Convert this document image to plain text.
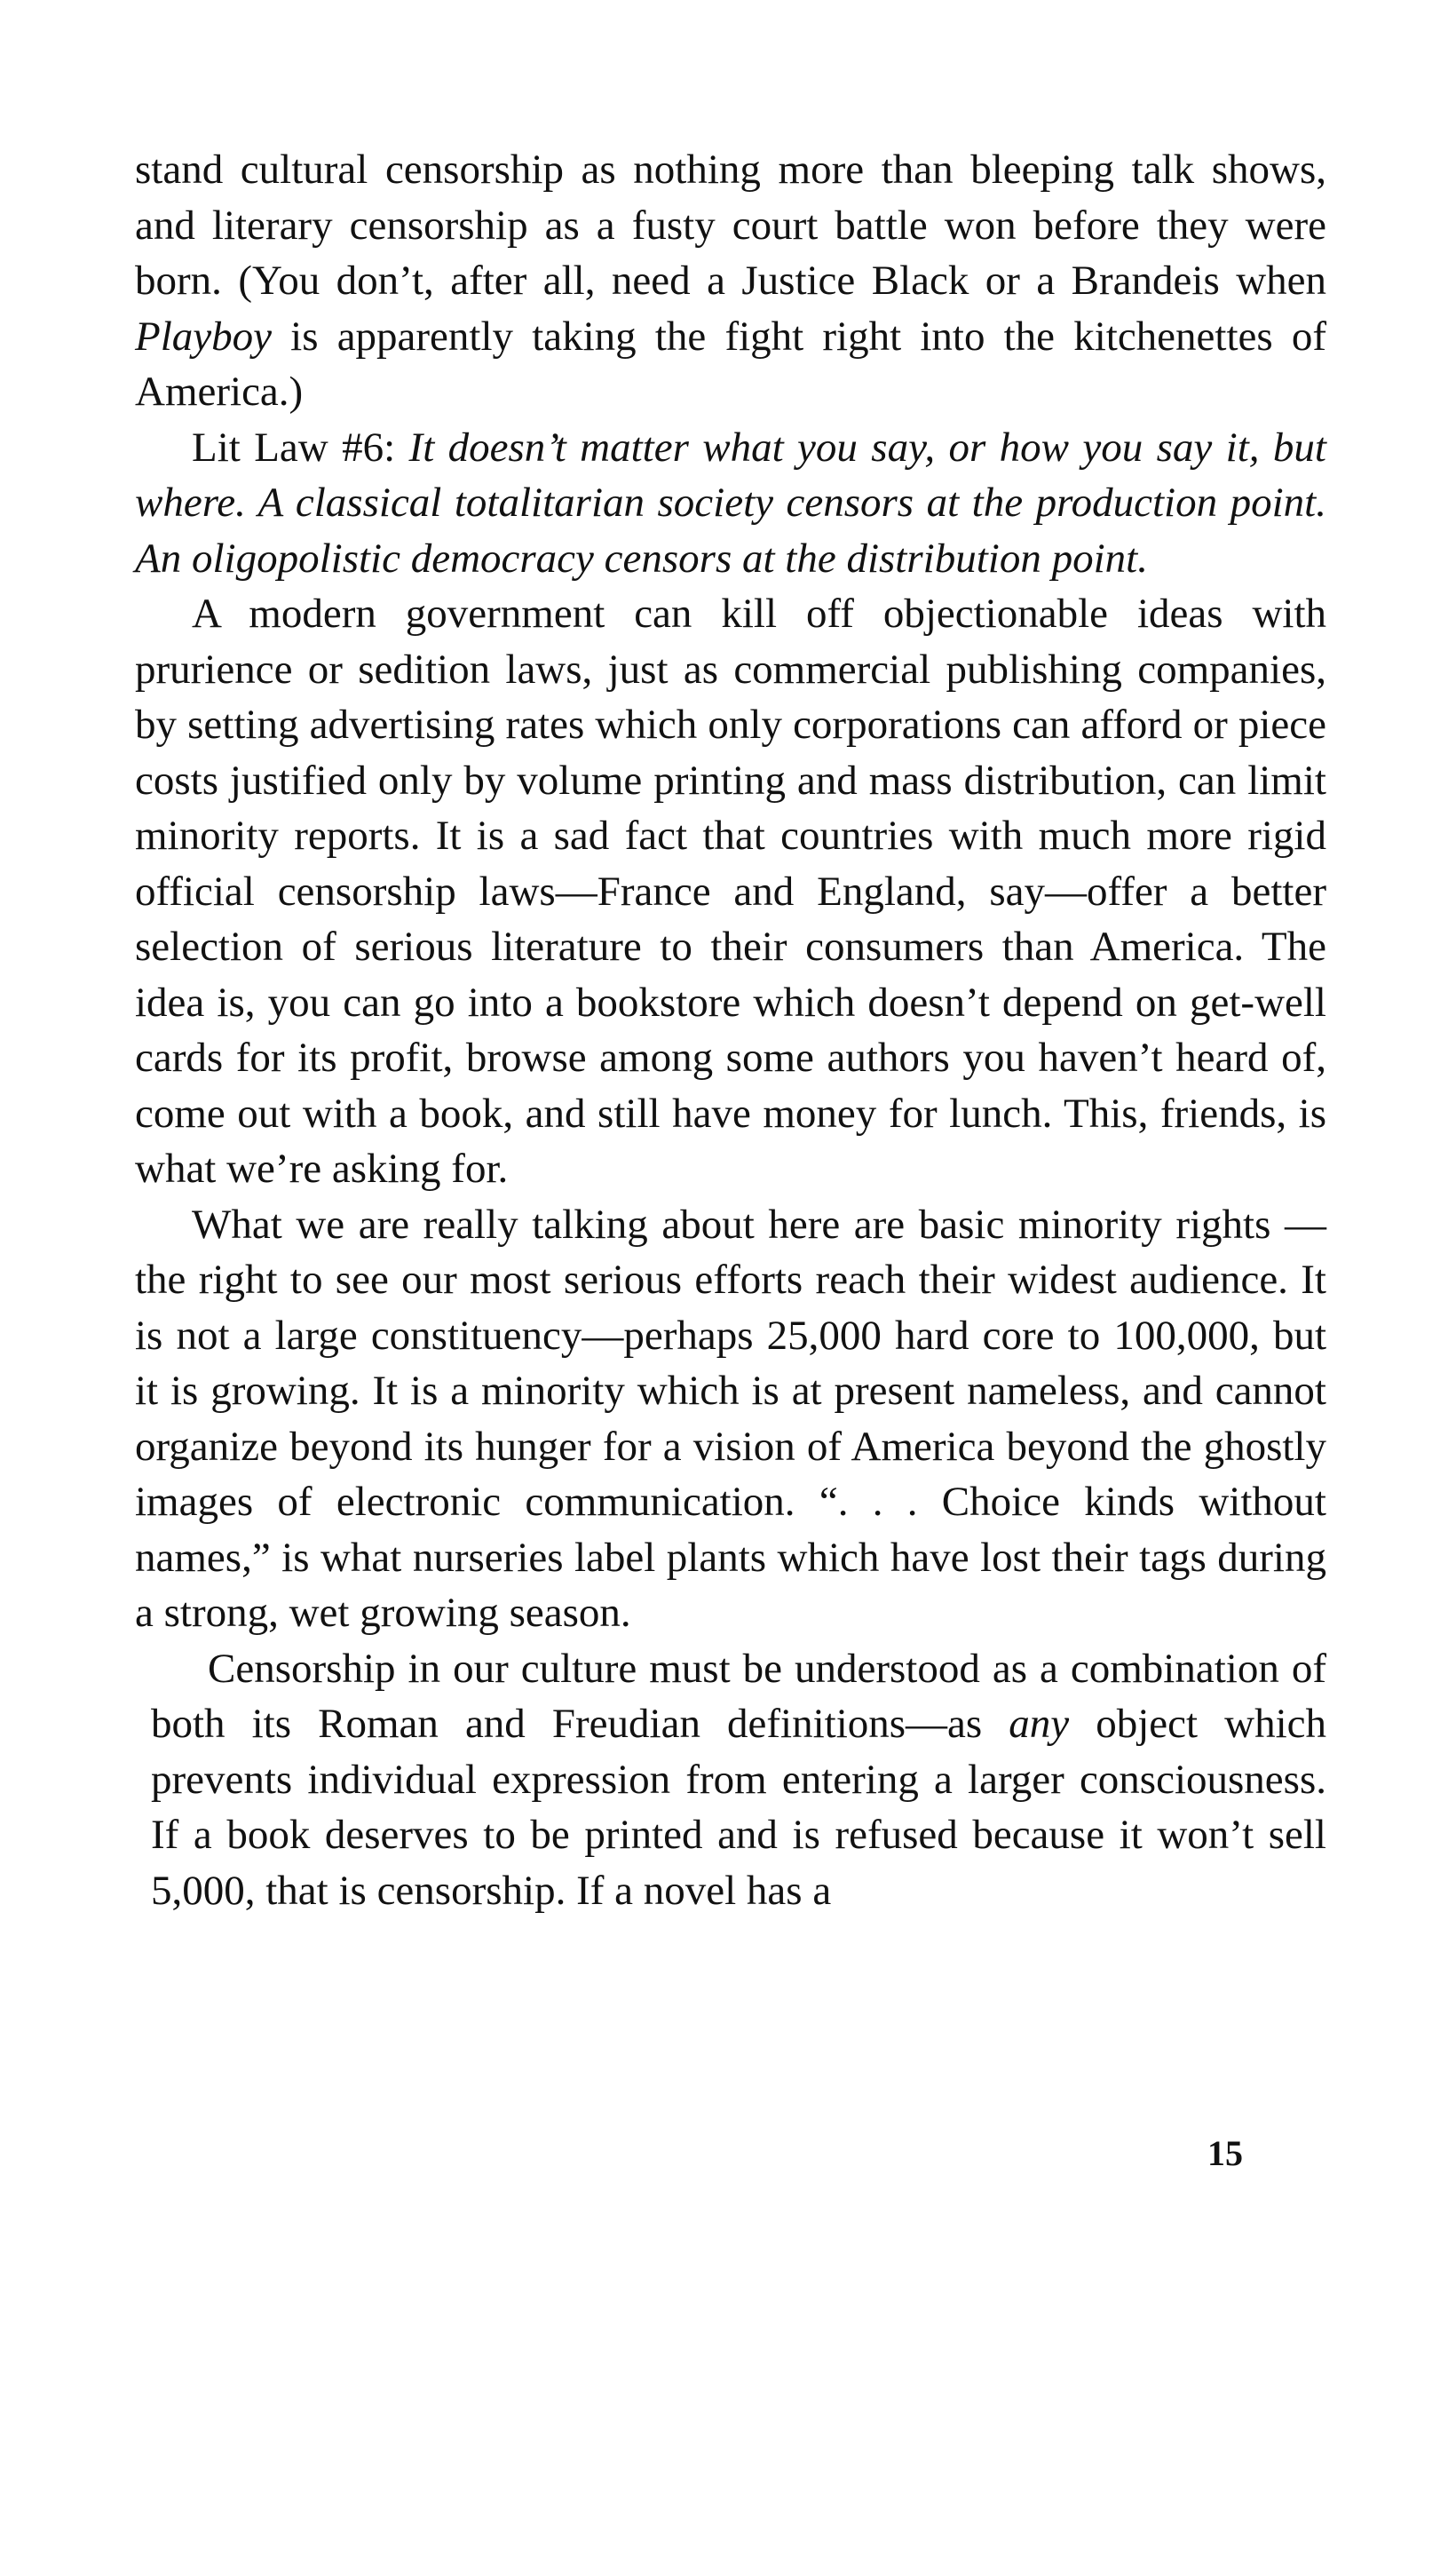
stand cultural censorship as nothing more than bleeping talk shows, and literary censorship as a fusty court battle won before they were born. (You don’t, after all, need a Justice Black or a Brandeis when Playboy is apparently taking the fight right into the kitchenettes of America.)

Lit Law #6: It doesn’t matter what you say, or how you say it, but where. A classical totalitarian society censors at the production point. An oligopolistic democracy censors at the distribution point.

A modern government can kill off objectionable ideas with prurience or sedition laws, just as commercial publishing companies, by setting advertising rates which only corporations can afford or piece costs justified only by volume printing and mass distribution, can limit minority reports. It is a sad fact that countries with much more rigid official censorship laws—France and England, say—offer a better selection of serious literature to their consumers than America. The idea is, you can go into a bookstore which doesn’t depend on get-well cards for its profit, browse among some authors you haven’t heard of, come out with a book, and still have money for lunch. This, friends, is what we’re asking for.

What we are really talking about here are basic minority rights —the right to see our most serious efforts reach their widest audience. It is not a large constituency—perhaps 25,000 hard core to 100,000, but it is growing. It is a minority which is at present nameless, and cannot organize beyond its hunger for a vision of America beyond the ghostly images of electronic communication. “. . . Choice kinds without names,” is what nurseries label plants which have lost their tags during a strong, wet growing season.

Censorship in our culture must be understood as a combination of both its Roman and Freudian definitions—as any object which prevents individual expression from entering a larger consciousness. If a book deserves to be printed and is refused because it won’t sell 5,000, that is censorship. If a novel has a

15
